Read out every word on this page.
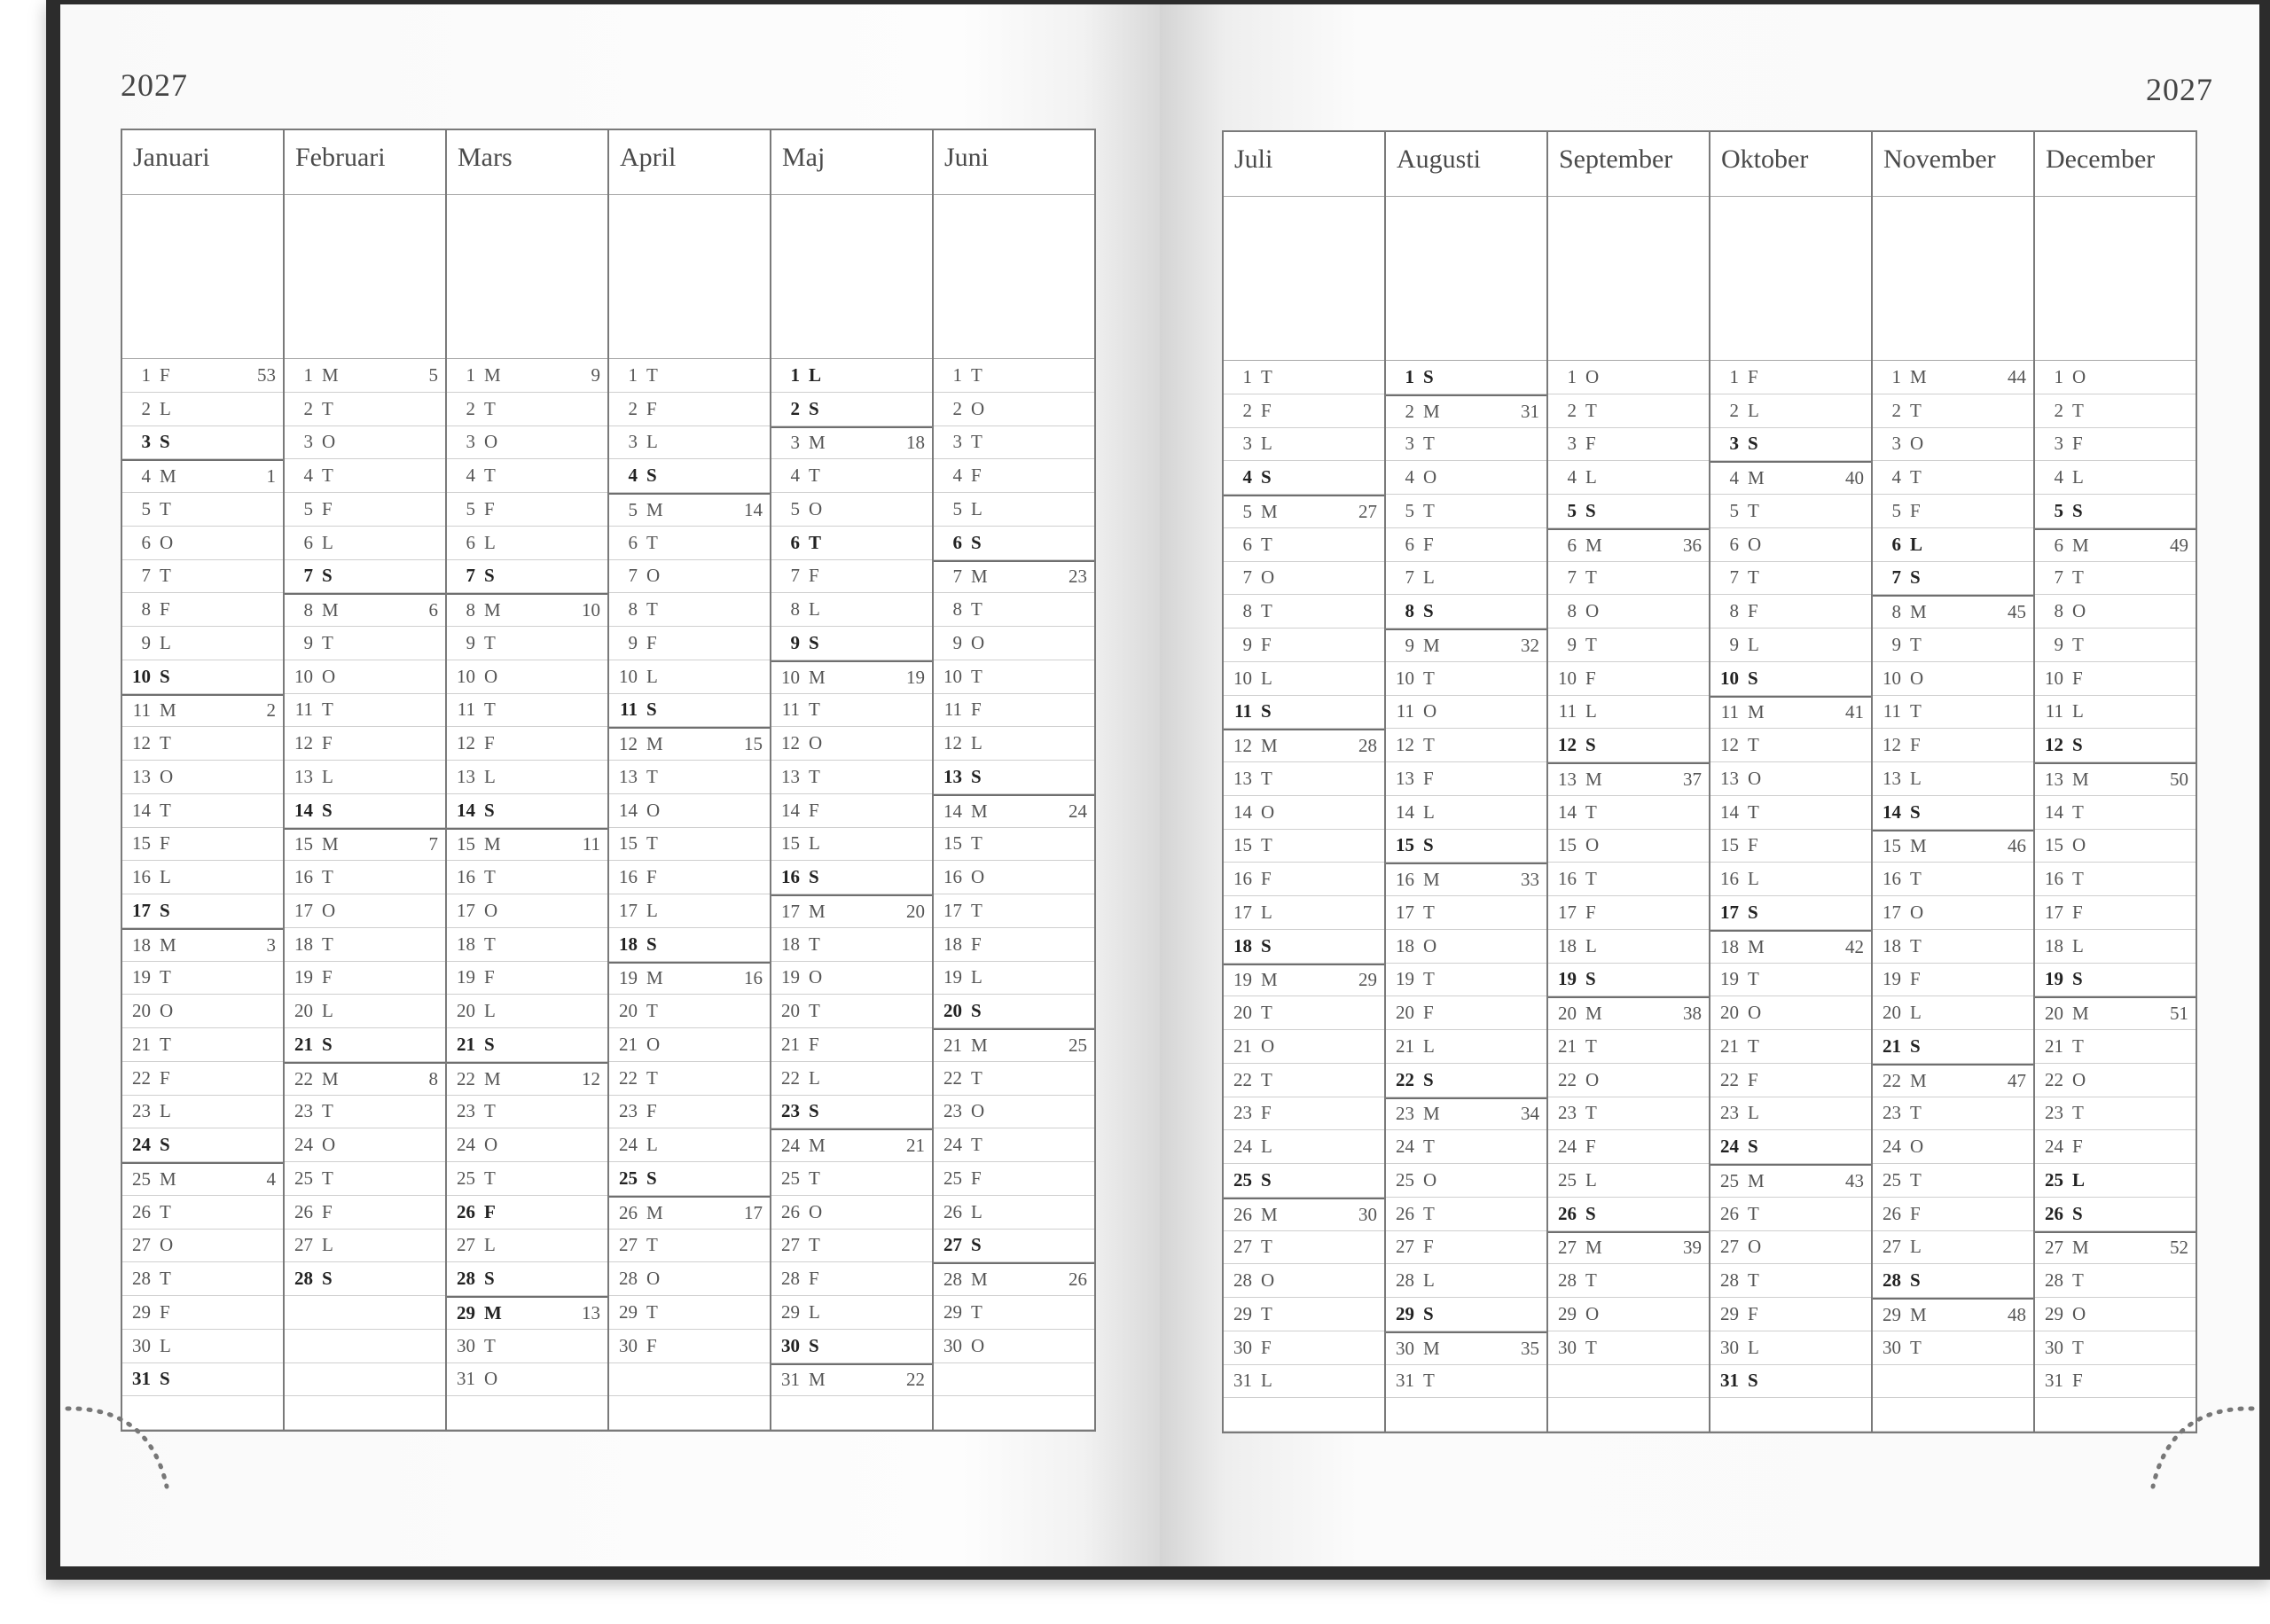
2027
Januari
1 F	53
2 L
3 S
4 M	1
5 T
6 O
7 T
8 F
9 L
10 S
11 M	2
12 T
13 O
14 T
15 F
16 L
17 S
18 M	3
19 T
20 O
21 T
22 F
23 L
24 S
25 M	4
26 T
27 O
28 T
29 F
30 L
31 S
Februari
1 M	5
2 T
3 O
4 T
5 F
6 L
7 S
8 M	6
9 T
10 O
11 T
12 F
13 L
14 S
15 M	7
16 T
17 O
18 T
19 F
20 L
21 S
22 M	8
23 T
24 O
25 T
26 F
27 L
28 S
Mars
1 M	9
2 T
3 O
4 T
5 F
6 L
7 S
8 M	10
9 T
10 O
11 T
12 F
13 L
14 S
15 M	11
16 T
17 O
18 T
19 F
20 L
21 S
22 M	12
23 T
24 O
25 T
26 F
27 L
28 S
29 M	13
30 T
31 O
April
1 T
2 F
3 L
4 S
5 M	14
6 T
7 O
8 T
9 F
10 L
11 S
12 M	15
13 T
14 O
15 T
16 F
17 L
18 S
19 M	16
20 T
21 O
22 T
23 F
24 L
25 S
26 M	17
27 T
28 O
29 T
30 F
Maj
1 L
2 S
3 M	18
4 T
5 O
6 T
7 F
8 L
9 S
10 M	19
11 T
12 O
13 T
14 F
15 L
16 S
17 M	20
18 T
19 O
20 T
21 F
22 L
23 S
24 M	21
25 T
26 O
27 T
28 F
29 L
30 S
31 M	22
Juni
1 T
2 O
3 T
4 F
5 L
6 S
7 M	23
8 T
9 O
10 T
11 F
12 L
13 S
14 M	24
15 T
16 O
17 T
18 F
19 L
20 S
21 M	25
22 T
23 O
24 T
25 F
26 L
27 S
28 M	26
29 T
30 O
2027
Juli
1 T
2 F
3 L
4 S
5 M	27
6 T
7 O
8 T
9 F
10 L
11 S
12 M	28
13 T
14 O
15 T
16 F
17 L
18 S
19 M	29
20 T
21 O
22 T
23 F
24 L
25 S
26 M	30
27 T
28 O
29 T
30 F
31 L
Augusti
1 S
2 M	31
3 T
4 O
5 T
6 F
7 L
8 S
9 M	32
10 T
11 O
12 T
13 F
14 L
15 S
16 M	33
17 T
18 O
19 T
20 F
21 L
22 S
23 M	34
24 T
25 O
26 T
27 F
28 L
29 S
30 M	35
31 T
September
1 O
2 T
3 F
4 L
5 S
6 M	36
7 T
8 O
9 T
10 F
11 L
12 S
13 M	37
14 T
15 O
16 T
17 F
18 L
19 S
20 M	38
21 T
22 O
23 T
24 F
25 L
26 S
27 M	39
28 T
29 O
30 T
Oktober
1 F
2 L
3 S
4 M	40
5 T
6 O
7 T
8 F
9 L
10 S
11 M	41
12 T
13 O
14 T
15 F
16 L
17 S
18 M	42
19 T
20 O
21 T
22 F
23 L
24 S
25 M	43
26 T
27 O
28 T
29 F
30 L
31 S
November
1 M	44
2 T
3 O
4 T
5 F
6 L
7 S
8 M	45
9 T
10 O
11 T
12 F
13 L
14 S
15 M	46
16 T
17 O
18 T
19 F
20 L
21 S
22 M	47
23 T
24 O
25 T
26 F
27 L
28 S
29 M	48
30 T
December
1 O
2 T
3 F
4 L
5 S
6 M	49
7 T
8 O
9 T
10 F
11 L
12 S
13 M	50
14 T
15 O
16 T
17 F
18 L
19 S
20 M	51
21 T
22 O
23 T
24 F
25 L
26 S
27 M	52
28 T
29 O
30 T
31 F
